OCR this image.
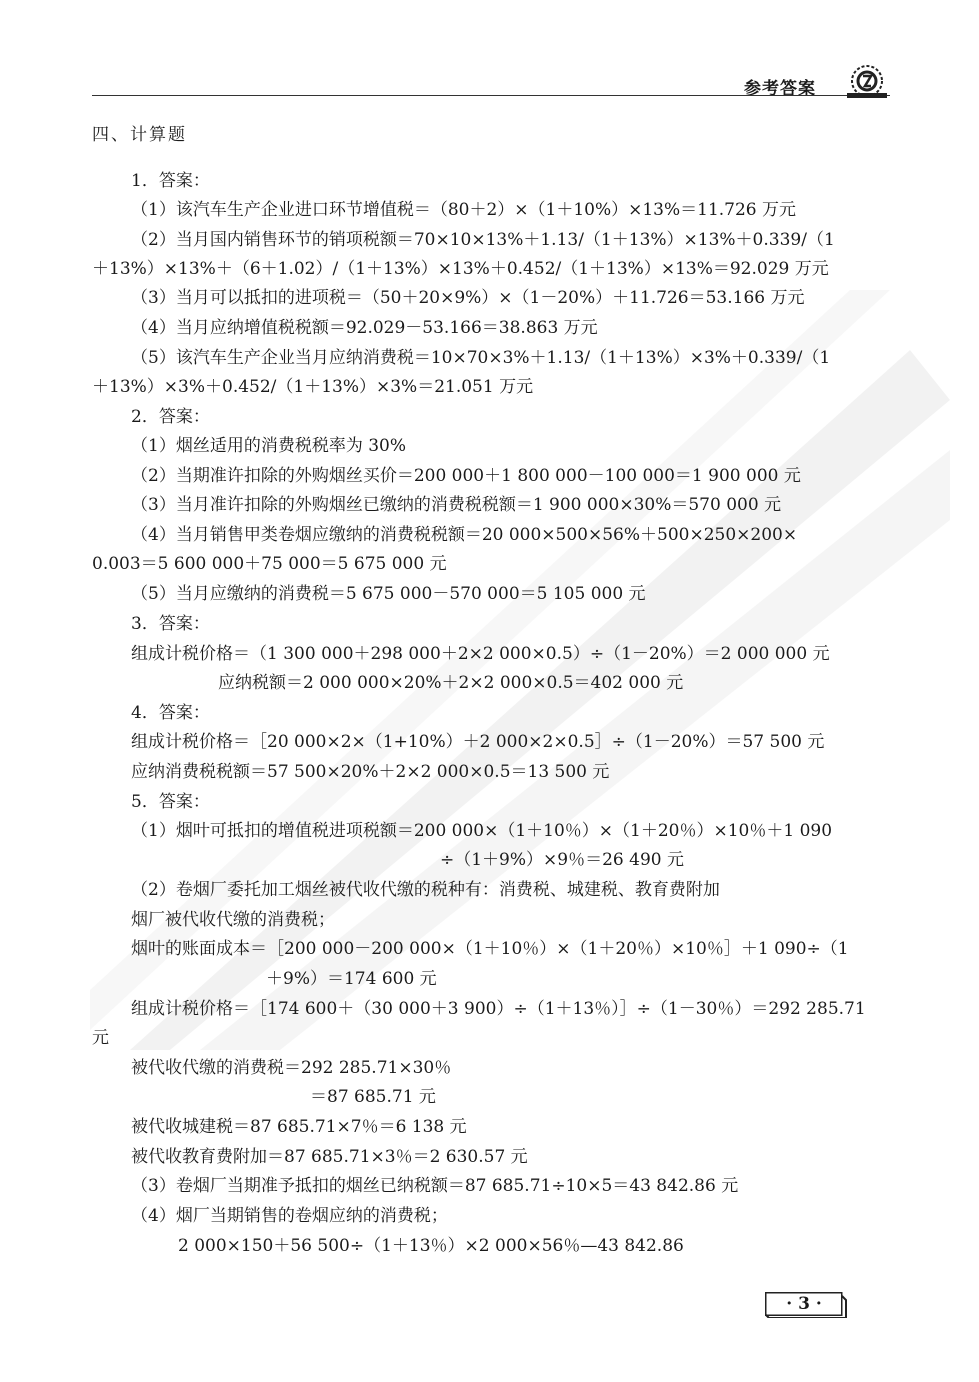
参考答案
四、计算题
1．答案：
（1）该汽车生产企业进口环节增值税＝（80＋2）×（1＋10%）×13%＝11.726 万元
（2）当月国内销售环节的销项税额＝70×10×13%＋1.13/（1＋13%）×13%＋0.339/（1
＋13%）×13%＋（6＋1.02）/（1＋13%）×13%＋0.452/（1＋13%）×13%＝92.029 万元
（3）当月可以抵扣的进项税＝（50＋20×9%）×（1－20%）＋11.726＝53.166 万元
（4）当月应纳增值税税额＝92.029－53.166＝38.863 万元
（5）该汽车生产企业当月应纳消费税＝10×70×3%＋1.13/（1＋13%）×3%＋0.339/（1
＋13%）×3%＋0.452/（1＋13%）×3%＝21.051 万元
2．答案：
（1）烟丝适用的消费税税率为 30%
（2）当期准许扣除的外购烟丝买价＝200 000＋1 800 000－100 000＝1 900 000 元
（3）当月准许扣除的外购烟丝已缴纳的消费税税额＝1 900 000×30%＝570 000 元
（4）当月销售甲类卷烟应缴纳的消费税税额＝20 000×500×56%＋500×250×200×
0.003＝5 600 000＋75 000＝5 675 000 元
（5）当月应缴纳的消费税＝5 675 000－570 000＝5 105 000 元
3．答案：
组成计税价格＝（1 300 000＋298 000＋2×2 000×0.5）÷（1－20%）＝2 000 000 元
应纳税额＝2 000 000×20%＋2×2 000×0.5＝402 000 元
4．答案：
组成计税价格＝［20 000×2×（1+10%）＋2 000×2×0.5］÷（1－20%）＝57 500 元
应纳消费税税额＝57 500×20%＋2×2 000×0.5＝13 500 元
5．答案：
（1）烟叶可抵扣的增值税进项税额＝200 000×（1＋10％）×（1＋20％）×10％＋1 090
÷（1＋9%）×9％＝26 490 元
（2）卷烟厂委托加工烟丝被代收代缴的税种有：消费税、城建税、教育费附加
烟厂被代收代缴的消费税；
烟叶的账面成本＝［200 000－200 000×（1＋10％）×（1＋20％）×10％］＋1 090÷（1
＋9%）＝174 600 元
组成计税价格＝［174 600＋（30 000＋3 900）÷（1＋13％）］÷（1－30％）＝292 285.71
元
被代收代缴的消费税＝292 285.71×30％
＝87 685.71 元
被代收城建税＝87 685.71×7％＝6 138 元
被代收教育费附加＝87 685.71×3％＝2 630.57 元
（3）卷烟厂当期准予抵扣的烟丝已纳税额＝87 685.71÷10×5＝43 842.86 元
（4）烟厂当期销售的卷烟应纳的消费税；
2 000×150＋56 500÷（1＋13％）×2 000×56％—43 842.86
· 3 ·
